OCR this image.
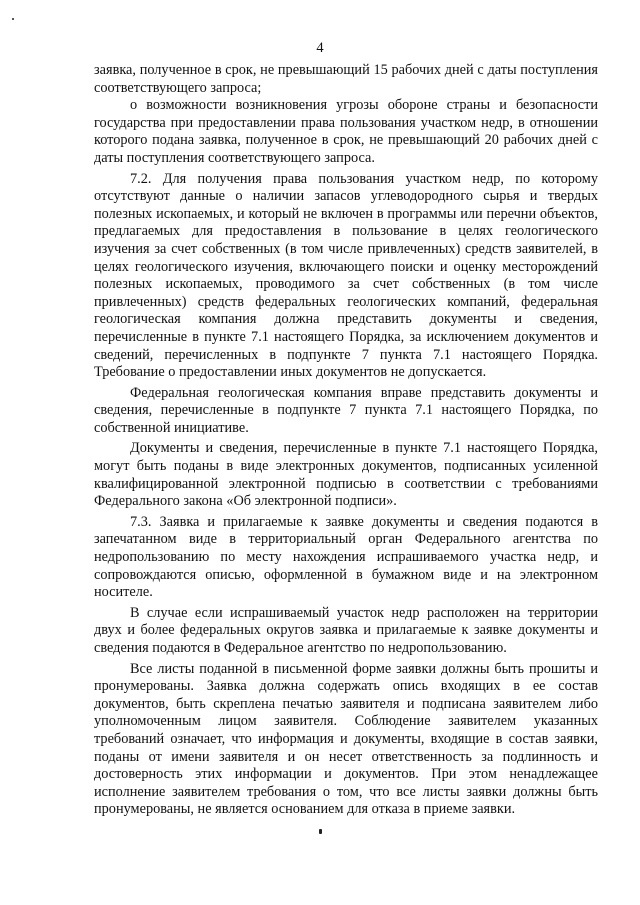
4

заявка, полученное в срок, не превышающий 15 рабочих дней с даты поступления соответствующего запроса;

о возможности возникновения угрозы обороне страны и безопасности государства при предоставлении права пользования участком недр, в отношении которого подана заявка, полученное в срок, не превышающий 20 рабочих дней с даты поступления соответствующего запроса.

7.2. Для получения права пользования участком недр, по которому отсутствуют данные о наличии запасов углеводородного сырья и твердых полезных ископаемых, и который не включен в программы или перечни объектов, предлагаемых для предоставления в пользование в целях геологического изучения за счет собственных (в том числе привлеченных) средств заявителей, в целях геологического изучения, включающего поиски и оценку месторождений полезных ископаемых, проводимого за счет собственных (в том числе привлеченных) средств федеральных геологических компаний, федеральная геологическая компания должна представить документы и сведения, перечисленные в пункте 7.1 настоящего Порядка, за исключением документов и сведений, перечисленных в подпункте 7 пункта 7.1 настоящего Порядка. Требование о предоставлении иных документов не допускается.

Федеральная геологическая компания вправе представить документы и сведения, перечисленные в подпункте 7 пункта 7.1 настоящего Порядка, по собственной инициативе.

Документы и сведения, перечисленные в пункте 7.1 настоящего Порядка, могут быть поданы в виде электронных документов, подписанных усиленной квалифицированной электронной подписью в соответствии с требованиями Федерального закона «Об электронной подписи».

7.3. Заявка и прилагаемые к заявке документы и сведения подаются в запечатанном виде в территориальный орган Федерального агентства по недропользованию по месту нахождения испрашиваемого участка недр, и сопровождаются описью, оформленной в бумажном виде и на электронном носителе.

В случае если испрашиваемый участок недр расположен на территории двух и более федеральных округов заявка и прилагаемые к заявке документы и сведения подаются в Федеральное агентство по недропользованию.

Все листы поданной в письменной форме заявки должны быть прошиты и пронумерованы. Заявка должна содержать опись входящих в ее состав документов, быть скреплена печатью заявителя и подписана заявителем либо уполномоченным лицом заявителя. Соблюдение заявителем указанных требований означает, что информация и документы, входящие в состав заявки, поданы от имени заявителя и он несет ответственность за подлинность и достоверность этих информации и документов. При этом ненадлежащее исполнение заявителем требования о том, что все листы заявки должны быть пронумерованы, не является основанием для отказа в приеме заявки.
